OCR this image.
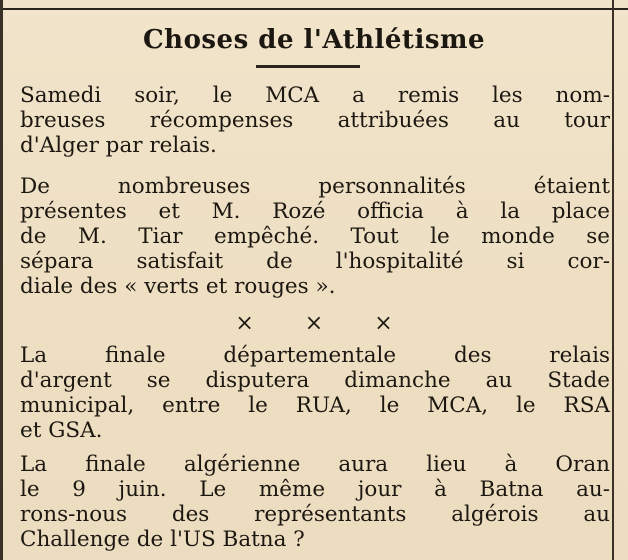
Choses de l'Athlétisme
Samedi soir, le MCA a remis les nom-
breuses récompenses attribuées au tour
d'Alger par relais.
De nombreuses personnalités étaient
présentes et M. Rozé officia à la place
de M. Tiar empêché. Tout le monde se
sépara satisfait de l'hospitalité si cor-
diale des « verts et rouges ».
× × ×
La finale départementale des relais
d'argent se disputera dimanche au Stade
municipal, entre le RUA, le MCA, le RSA
et GSA.
La finale algérienne aura lieu à Oran
le 9 juin. Le même jour à Batna au-
rons-nous des représentants algérois au
Challenge de l'US Batna ?
